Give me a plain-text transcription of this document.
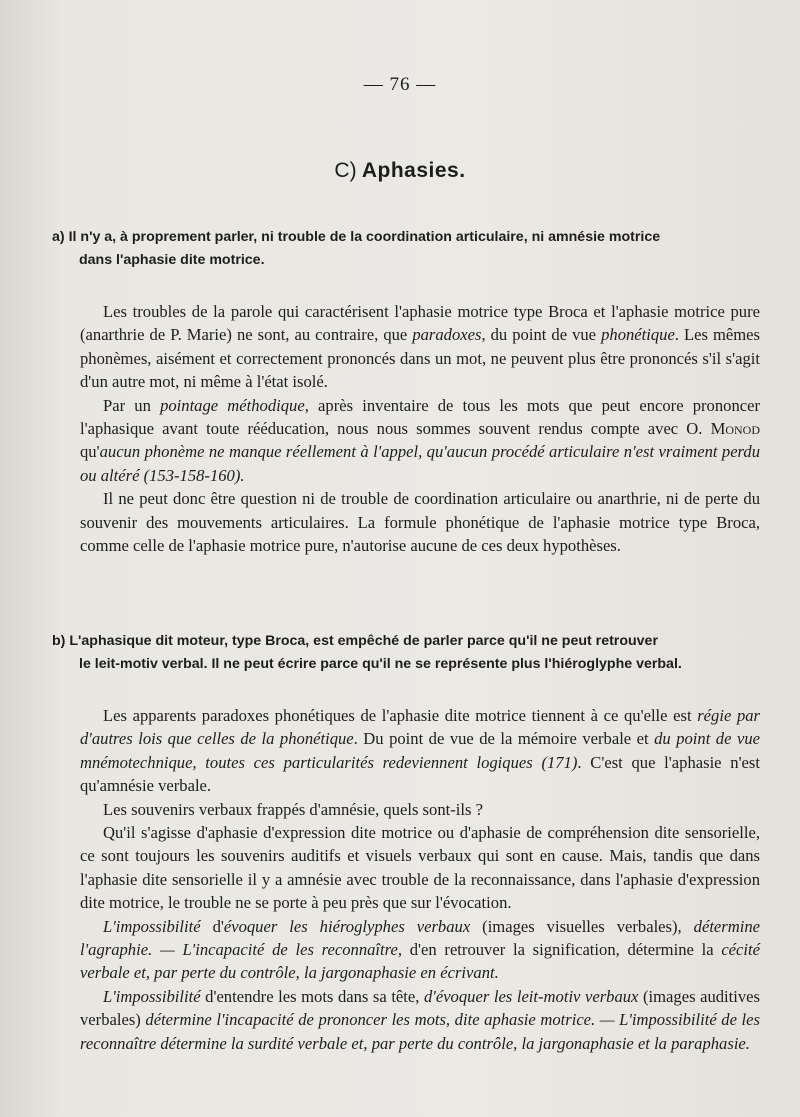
— 76 —
C) Aphasies.
a) Il n'y a, à proprement parler, ni trouble de la coordination articulaire, ni amnésie motrice
dans l'aphasie dite motrice.

Les troubles de la parole qui caractérisent l'aphasie motrice type Broca et l'aphasie motrice pure (anarthrie de P. Marie) ne sont, au contraire, que paradoxes, du point de vue phonétique. Les mêmes phonèmes, aisément et correctement prononcés dans un mot, ne peuvent plus être prononcés s'il s'agit d'un autre mot, ni même à l'état isolé.

Par un pointage méthodique, après inventaire de tous les mots que peut encore prononcer l'aphasique avant toute rééducation, nous nous sommes souvent rendus compte avec O. Monod qu'aucun phonème ne manque réellement à l'appel, qu'aucun procédé articulaire n'est vraiment perdu ou altéré (153-158-160).

Il ne peut donc être question ni de trouble de coordination articulaire ou anarthrie, ni de perte du souvenir des mouvements articulaires. La formule phonétique de l'aphasie motrice type Broca, comme celle de l'aphasie motrice pure, n'autorise aucune de ces deux hypothèses.

b) L'aphasique dit moteur, type Broca, est empêché de parler parce qu'il ne peut retrouver
le leit-motiv verbal. Il ne peut écrire parce qu'il ne se représente plus l'hiéroglyphe verbal.

Les apparents paradoxes phonétiques de l'aphasie dite motrice tiennent à ce qu'elle est régie par d'autres lois que celles de la phonétique. Du point de vue de la mémoire verbale et du point de vue mnémotechnique, toutes ces particularités redeviennent logiques (171). C'est que l'aphasie n'est qu'amnésie verbale.

Les souvenirs verbaux frappés d'amnésie, quels sont-ils ?

Qu'il s'agisse d'aphasie d'expression dite motrice ou d'aphasie de compréhension dite sensorielle, ce sont toujours les souvenirs auditifs et visuels verbaux qui sont en cause. Mais, tandis que dans l'aphasie dite sensorielle il y a amnésie avec trouble de la reconnaissance, dans l'aphasie d'expression dite motrice, le trouble ne se porte à peu près que sur l'évocation.

L'impossibilité d'évoquer les hiéroglyphes verbaux (images visuelles verbales), détermine l'agraphie. — L'incapacité de les reconnaître, d'en retrouver la signification, détermine la cécité verbale et, par perte du contrôle, la jargonaphasie en écrivant.

L'impossibilité d'entendre les mots dans sa tête, d'évoquer les leit-motiv verbaux (images auditives verbales) détermine l'incapacité de prononcer les mots, dite aphasie motrice. — L'impossibilité de les reconnaître détermine la surdité verbale et, par perte du contrôle, la jargonaphasie et la paraphasie.
